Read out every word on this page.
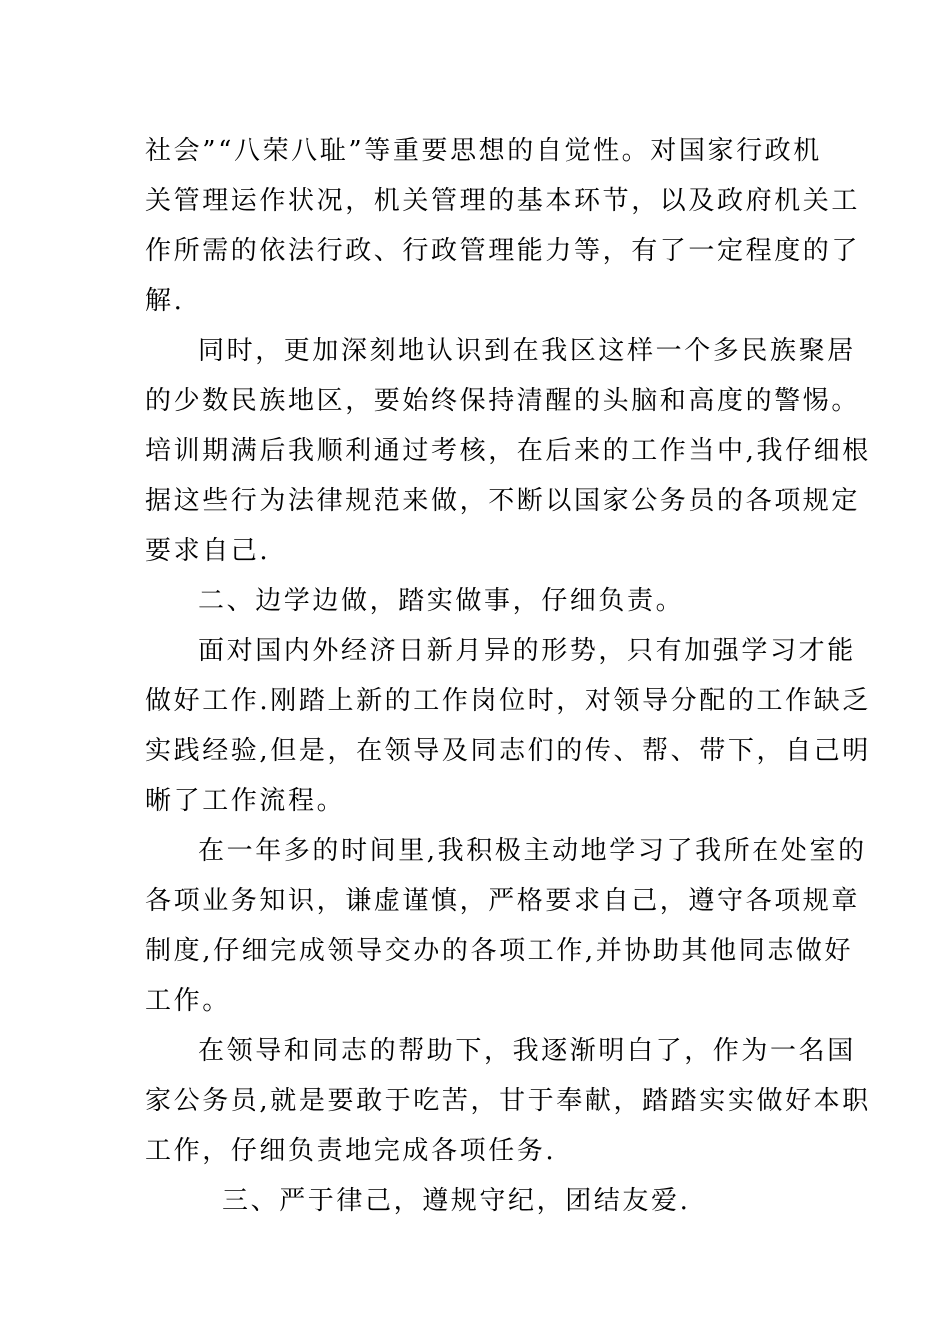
社会”“八荣八耻”等重要思想的自觉性。对国家行政机

关管理运作状况，机关管理的基本环节，以及政府机关工

作所需的依法行政、行政管理能力等，有了一定程度的了

解.

同时，更加深刻地认识到在我区这样一个多民族聚居

的少数民族地区，要始终保持清醒的头脑和高度的警惕。

培训期满后我顺利通过考核，在后来的工作当中,我仔细根

据这些行为法律规范来做，不断以国家公务员的各项规定

要求自己.

二、边学边做，踏实做事，仔细负责。

面对国内外经济日新月异的形势，只有加强学习才能

做好工作.刚踏上新的工作岗位时，对领导分配的工作缺乏

实践经验,但是，在领导及同志们的传、帮、带下，自己明

晰了工作流程。

在一年多的时间里,我积极主动地学习了我所在处室的

各项业务知识，谦虚谨慎，严格要求自己，遵守各项规章

制度,仔细完成领导交办的各项工作,并协助其他同志做好

工作。

在领导和同志的帮助下，我逐渐明白了，作为一名国

家公务员,就是要敢于吃苦，甘于奉献，踏踏实实做好本职

工作，仔细负责地完成各项任务.

三、严于律己，遵规守纪，团结友爱.
